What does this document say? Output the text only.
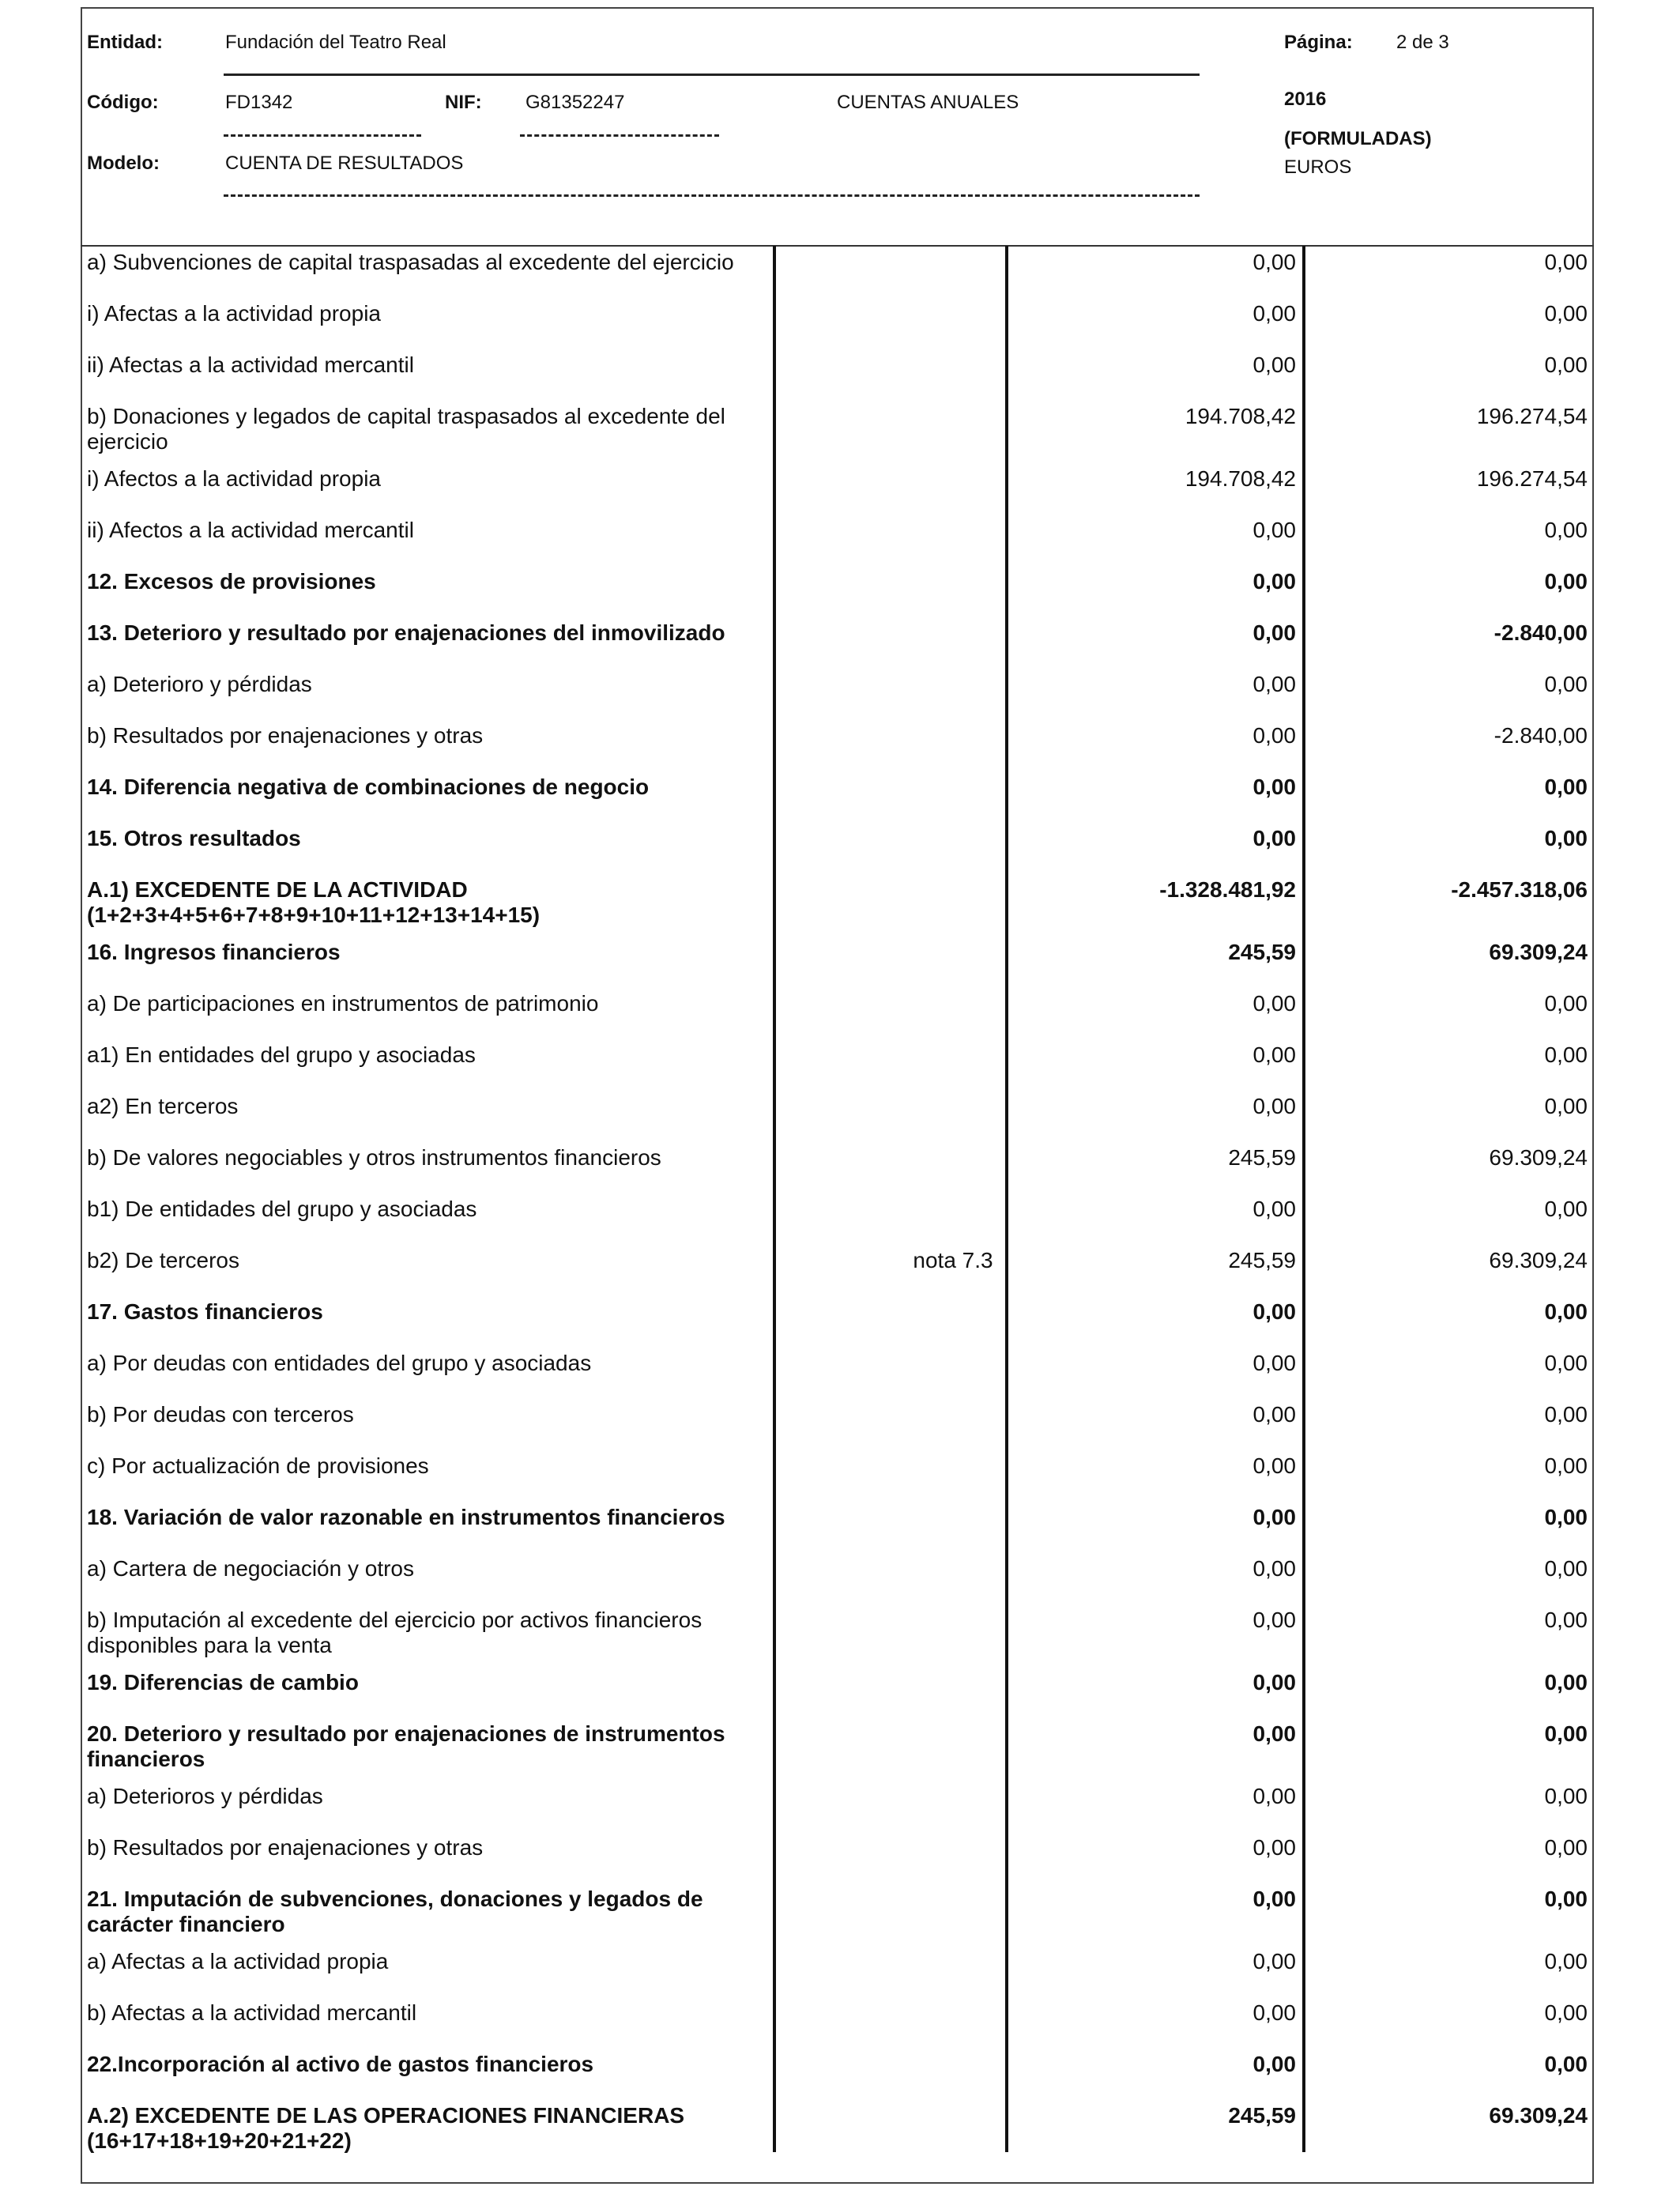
Entidad:	Fundación del Teatro Real	Página: 2 de 3
Código:	FD1342	NIF: G81352247	CUENTAS ANUALES	2016
(FORMULADAS)
Modelo:	CUENTA DE RESULTADOS	EUROS
a) Subvenciones de capital traspasadas al excedente del ejercicio	0,00	0,00
i) Afectas a la actividad propia	0,00	0,00
ii) Afectas a la actividad mercantil	0,00	0,00
b) Donaciones y legados de capital traspasados al excedente del ejercicio
194.708,42	196.274,54
i) Afectos a la actividad propia	194.708,42	196.274,54
ii) Afectos a la actividad mercantil	0,00	0,00
12. Excesos de provisiones	0,00	0,00
13. Deterioro y resultado por enajenaciones del inmovilizado	0,00	-2.840,00
a) Deterioro y pérdidas	0,00	0,00
b) Resultados por enajenaciones y otras	0,00	-2.840,00
14. Diferencia negativa de combinaciones de negocio	0,00	0,00
15. Otros resultados	0,00	0,00
A.1) EXCEDENTE DE LA ACTIVIDAD (1+2+3+4+5+6+7+8+9+10+11+12+13+14+15)
-1.328.481,92	-2.457.318,06
16. Ingresos financieros	245,59	69.309,24
a) De participaciones en instrumentos de patrimonio	0,00	0,00
a1) En entidades del grupo y asociadas	0,00	0,00
a2) En terceros	0,00	0,00
b) De valores negociables y otros instrumentos financieros	245,59	69.309,24
b1) De entidades del grupo y asociadas	0,00	0,00
b2) De terceros	nota 7.3	245,59	69.309,24
17. Gastos financieros	0,00	0,00
a) Por deudas con entidades del grupo y asociadas	0,00	0,00
b) Por deudas con terceros	0,00	0,00
c) Por actualización de provisiones	0,00	0,00
18. Variación de valor razonable en instrumentos financieros	0,00	0,00
a) Cartera de negociación y otros	0,00	0,00
b) Imputación al excedente del ejercicio por activos financieros disponibles para la venta
0,00	0,00
19. Diferencias de cambio	0,00	0,00
20. Deterioro y resultado por enajenaciones de instrumentos financieros
0,00	0,00
a) Deterioros y pérdidas	0,00	0,00
b) Resultados por enajenaciones y otras	0,00	0,00
21. Imputación de subvenciones, donaciones y legados de carácter financiero
0,00	0,00
a) Afectas a la actividad propia	0,00	0,00
b) Afectas a la actividad mercantil	0,00	0,00
22.Incorporación al activo de gastos financieros	0,00	0,00
A.2) EXCEDENTE DE LAS OPERACIONES FINANCIERAS (16+17+18+19+20+21+22)
245,59	69.309,24
